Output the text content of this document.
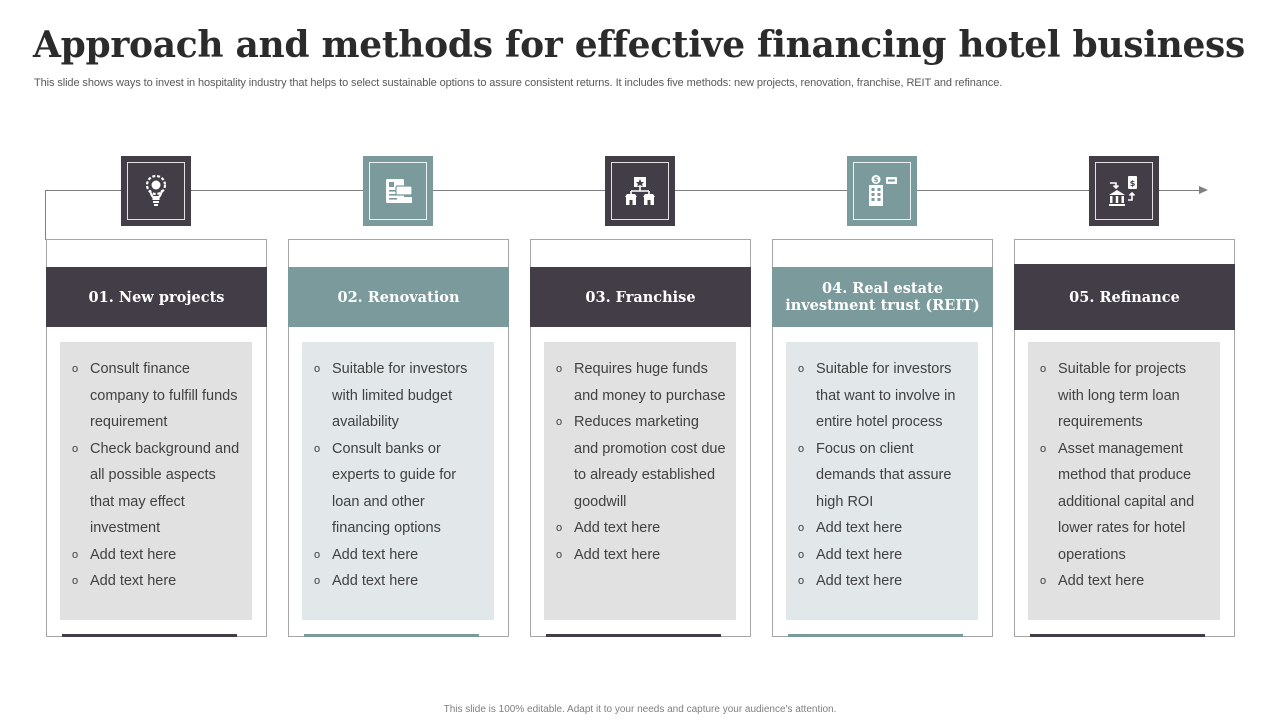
Approach and methods for effective financing hotel business
This slide shows ways to invest in hospitality industry that helps to select sustainable options to assure consistent returns. It includes five methods: new projects, renovation, franchise, REIT and refinance.
$	$
01. New projects
o Consult finance company to fulfill funds requirement
o Check background and all possible aspects that may effect investment
o Add text here
o Add text here
02. Renovation
o Suitable for investors with limited budget availability
o Consult banks or experts to guide for loan and other financing options
o Add text here
o Add text here
03. Franchise
o Requires huge funds and money to purchase
o Reduces marketing and promotion cost due to already established goodwill
o Add text here
o Add text here
04. Real estate investment trust (REIT)
o Suitable for investors that want to involve in entire hotel process
o Focus on client demands that assure high ROI
o Add text here
o Add text here
o Add text here
05. Refinance
o Suitable for projects with long term loan requirements
o Asset management method that produce additional capital and lower rates for hotel operations
o Add text here
This slide is 100% editable. Adapt it to your needs and capture your audience's attention.
